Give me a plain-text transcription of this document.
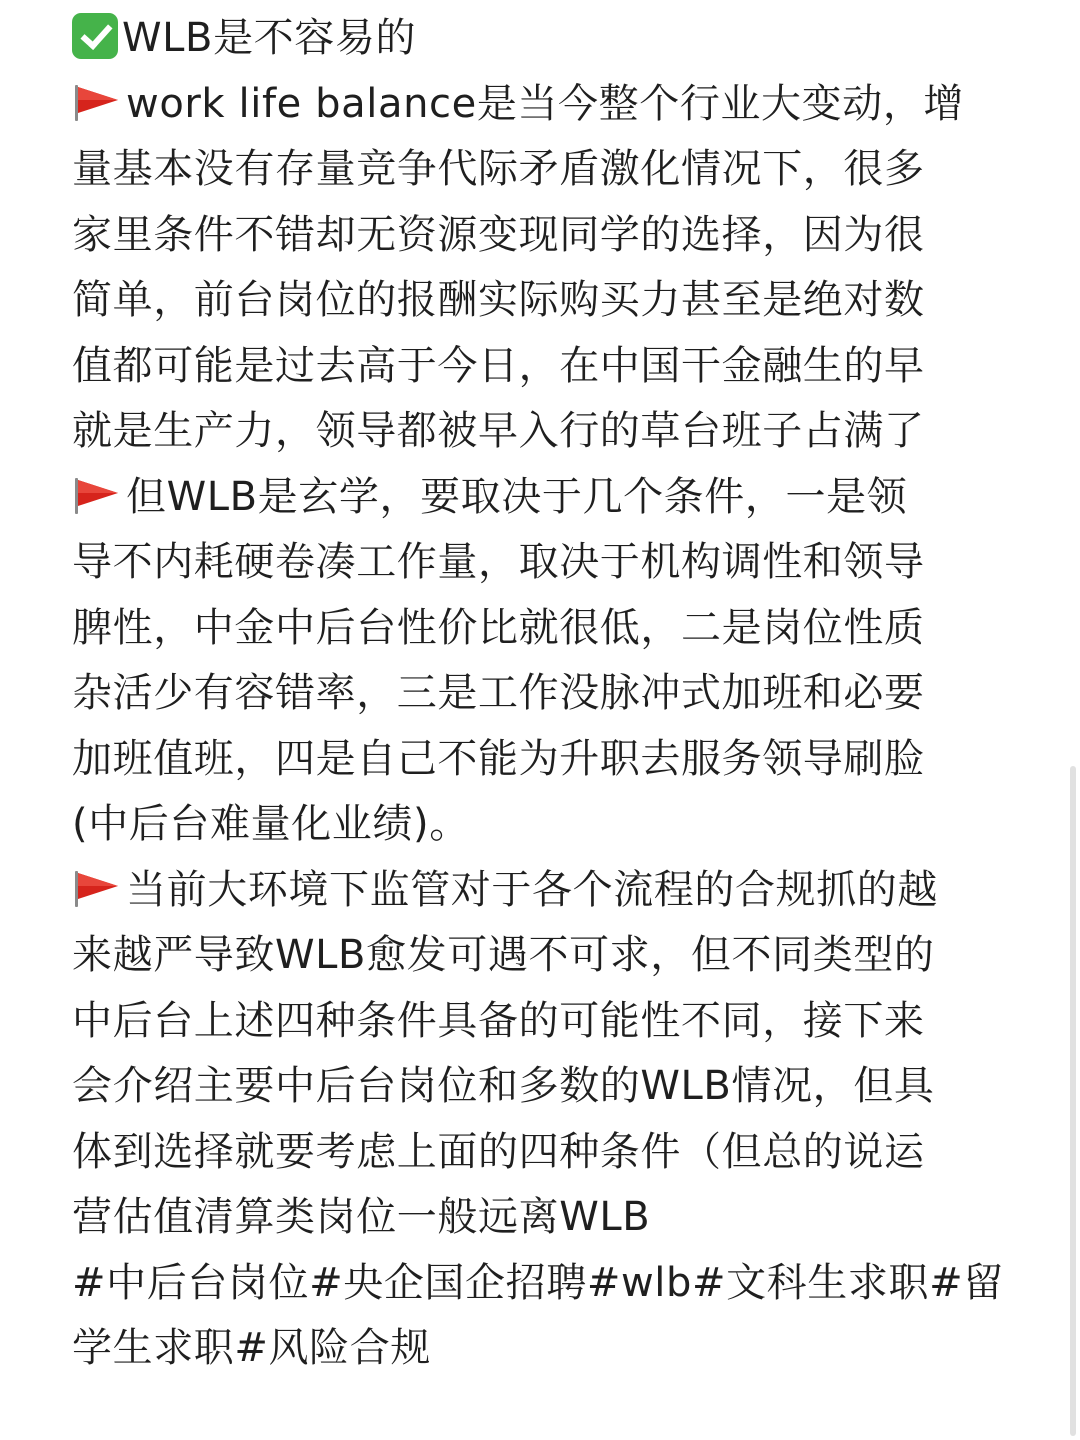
WLB是不容易的
work life balance是当今整个行业大变动，增
量基本没有存量竞争代际矛盾激化情况下，很多
家里条件不错却无资源变现同学的选择，因为很
简单，前台岗位的报酬实际购买力甚至是绝对数
值都可能是过去高于今日，在中国干金融生的早
就是生产力，领导都被早入行的草台班子占满了
但WLB是玄学，要取决于几个条件，一是领
导不内耗硬卷凑工作量，取决于机构调性和领导
脾性，中金中后台性价比就很低，二是岗位性质
杂活少有容错率，三是工作没脉冲式加班和必要
加班值班，四是自己不能为升职去服务领导刷脸
(中后台难量化业绩)。
当前大环境下监管对于各个流程的合规抓的越
来越严导致WLB愈发可遇不可求，但不同类型的
中后台上述四种条件具备的可能性不同，接下来
会介绍主要中后台岗位和多数的WLB情况，但具
体到选择就要考虑上面的四种条件（但总的说运
营估值清算类岗位一般远离WLB
#中后台岗位#央企国企招聘#wlb#文科生求职#留
学生求职#风险合规
